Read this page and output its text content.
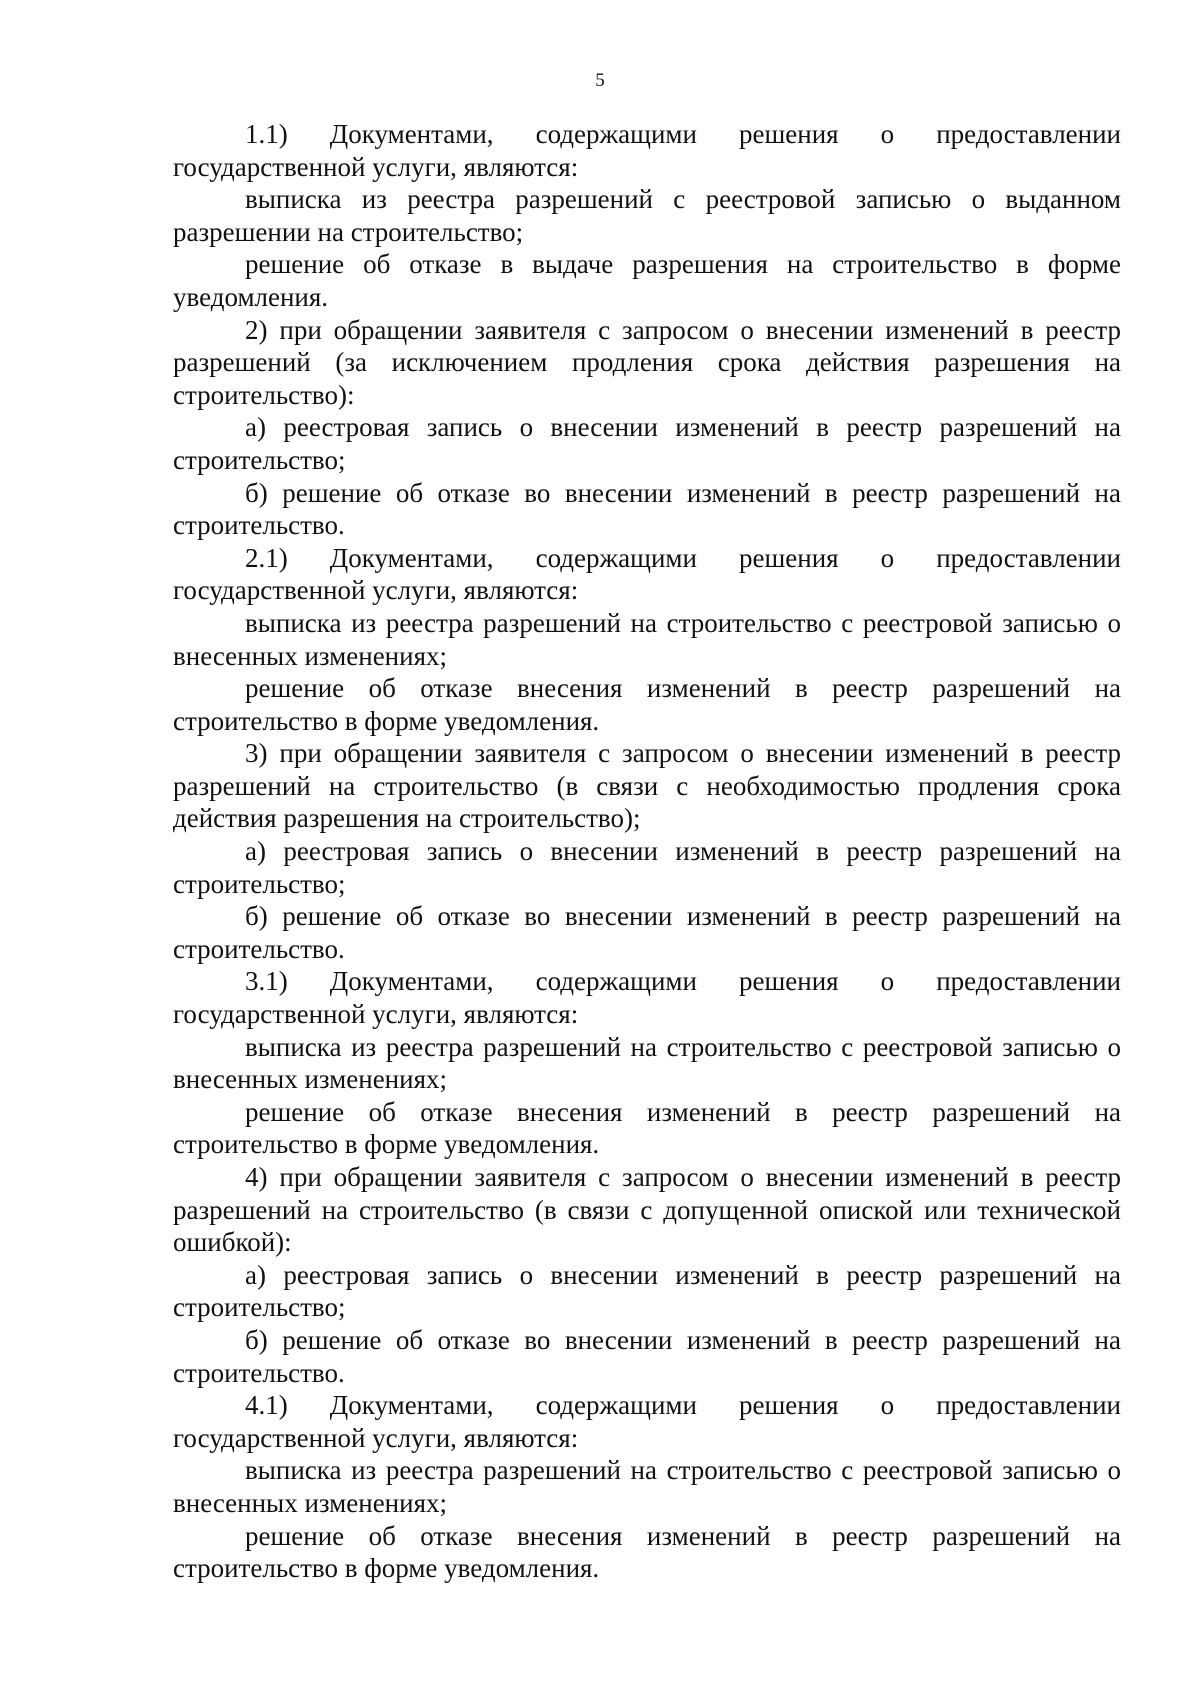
5

1.1) Документами, содержащими решения о предоставлении государственной услуги, являются:

выписка из реестра разрешений с реестровой записью о выданном разрешении на строительство;

решение об отказе в выдаче разрешения на строительство в форме уведомления.

2) при обращении заявителя с запросом о внесении изменений в реестр разрешений (за исключением продления срока действия разрешения на строительство):

а) реестровая запись о внесении изменений в реестр разрешений на строительство;

б) решение об отказе во внесении изменений в реестр разрешений на строительство.

2.1) Документами, содержащими решения о предоставлении государственной услуги, являются:

выписка из реестра разрешений на строительство с реестровой записью о внесенных изменениях;

решение об отказе внесения изменений в реестр разрешений на строительство в форме уведомления.

3) при обращении заявителя с запросом о внесении изменений в реестр разрешений на строительство (в связи с необходимостью продления срока действия разрешения на строительство);

а) реестровая запись о внесении изменений в реестр разрешений на строительство;

б) решение об отказе во внесении изменений в реестр разрешений на строительство.

3.1) Документами, содержащими решения о предоставлении государственной услуги, являются:

выписка из реестра разрешений на строительство с реестровой записью о внесенных изменениях;

решение об отказе внесения изменений в реестр разрешений на строительство в форме уведомления.

4) при обращении заявителя с запросом о внесении изменений в реестр разрешений на строительство (в связи с допущенной опиской или технической ошибкой):

а) реестровая запись о внесении изменений в реестр разрешений на строительство;

б) решение об отказе во внесении изменений в реестр разрешений на строительство.

4.1) Документами, содержащими решения о предоставлении государственной услуги, являются:

выписка из реестра разрешений на строительство с реестровой записью о внесенных изменениях;

решение об отказе внесения изменений в реестр разрешений на строительство в форме уведомления.
